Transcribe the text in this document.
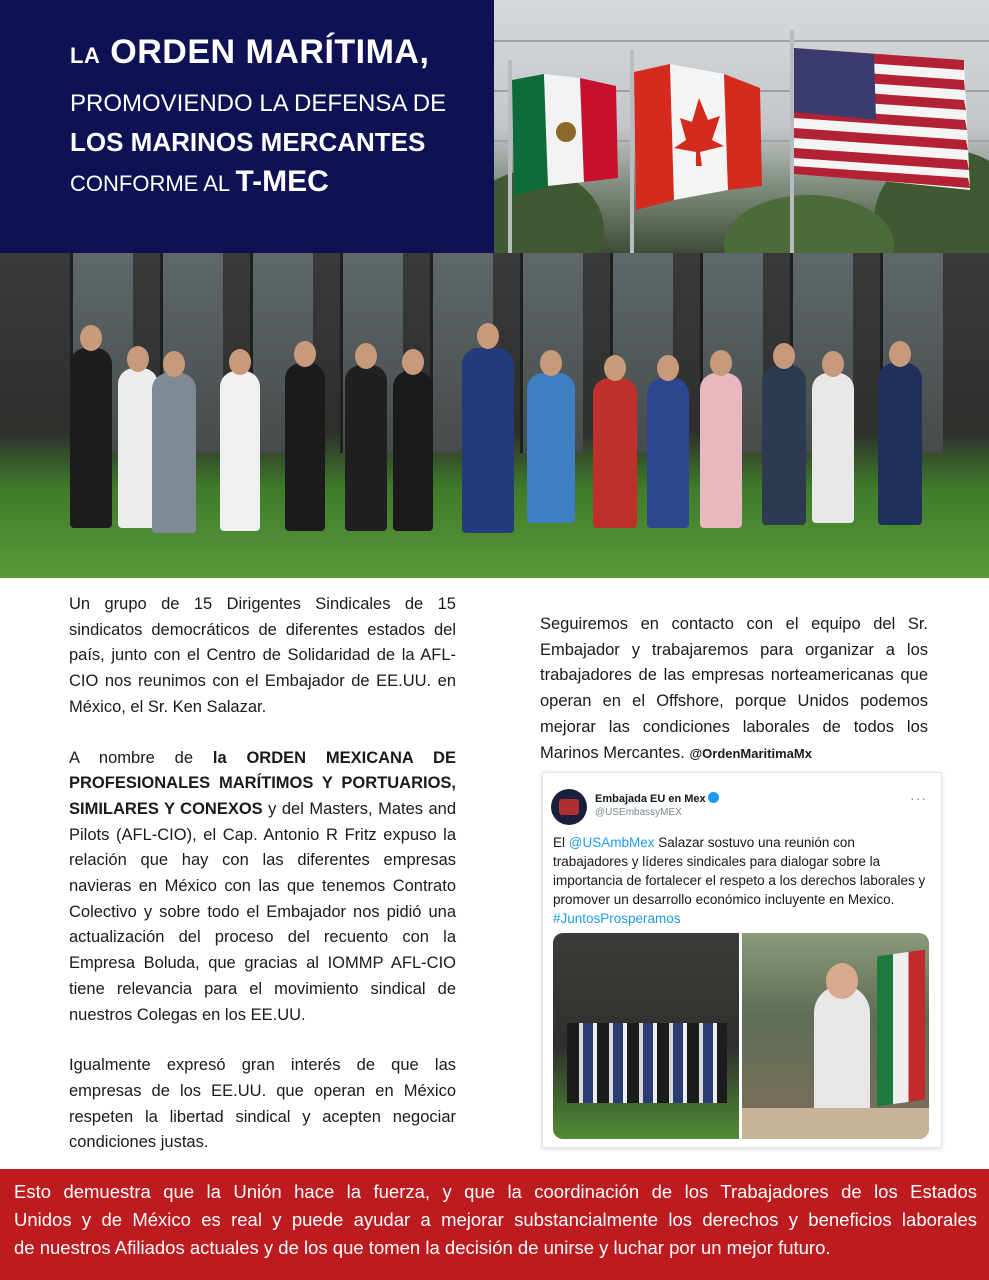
LA ORDEN MARÍTIMA,
PROMOVIENDO LA DEFENSA DE
LOS MARINOS MERCANTES
CONFORME AL T-MEC

Un grupo de 15 Dirigentes Sindicales de 15 sindicatos democráticos de diferentes estados del país, junto con el Centro de Solidaridad de la AFL-CIO nos reunimos con el Embajador de EE.UU. en México, el Sr. Ken Salazar.

A nombre de la ORDEN MEXICANA DE PROFESIONALES MARÍTIMOS Y PORTUARIOS, SIMILARES Y CONEXOS y del Masters, Mates and Pilots (AFL-CIO), el Cap. Antonio R Fritz expuso la relación que hay con las diferentes empresas navieras en México con las que tenemos Contrato Colectivo y sobre todo el Embajador nos pidió una actualización del proceso del recuento con la Empresa Boluda, que gracias al IOMMP AFL-CIO tiene relevancia para el movimiento sindical de nuestros Colegas en los EE.UU.

Igualmente expresó gran interés de que las empresas de los EE.UU. que operan en México respeten la libertad sindical y acepten negociar condiciones justas.

Seguiremos en contacto con el equipo del Sr. Embajador y trabajaremos para organizar a los trabajadores de las empresas norteamericanas que operan en el Offshore, porque Unidos podemos mejorar las condiciones laborales de todos los Marinos Mercantes. @OrdenMaritimaMx

Embajada EU en Mex
@USEmbassyMEX
···
El @USAmbMex Salazar sostuvo una reunión con trabajadores y líderes sindicales para dialogar sobre la importancia de fortalecer el respeto a los derechos laborales y promover un desarrollo económico incluyente en Mexico. #JuntosProsperamos
Esto demuestra que la Unión hace la fuerza, y que la coordinación de los Trabajadores de los Estados
Unidos y de México es real y puede ayudar a mejorar substancialmente los derechos y beneficios laborales
de nuestros Afiliados actuales y de los que tomen la decisión de unirse y luchar por un mejor futuro.
